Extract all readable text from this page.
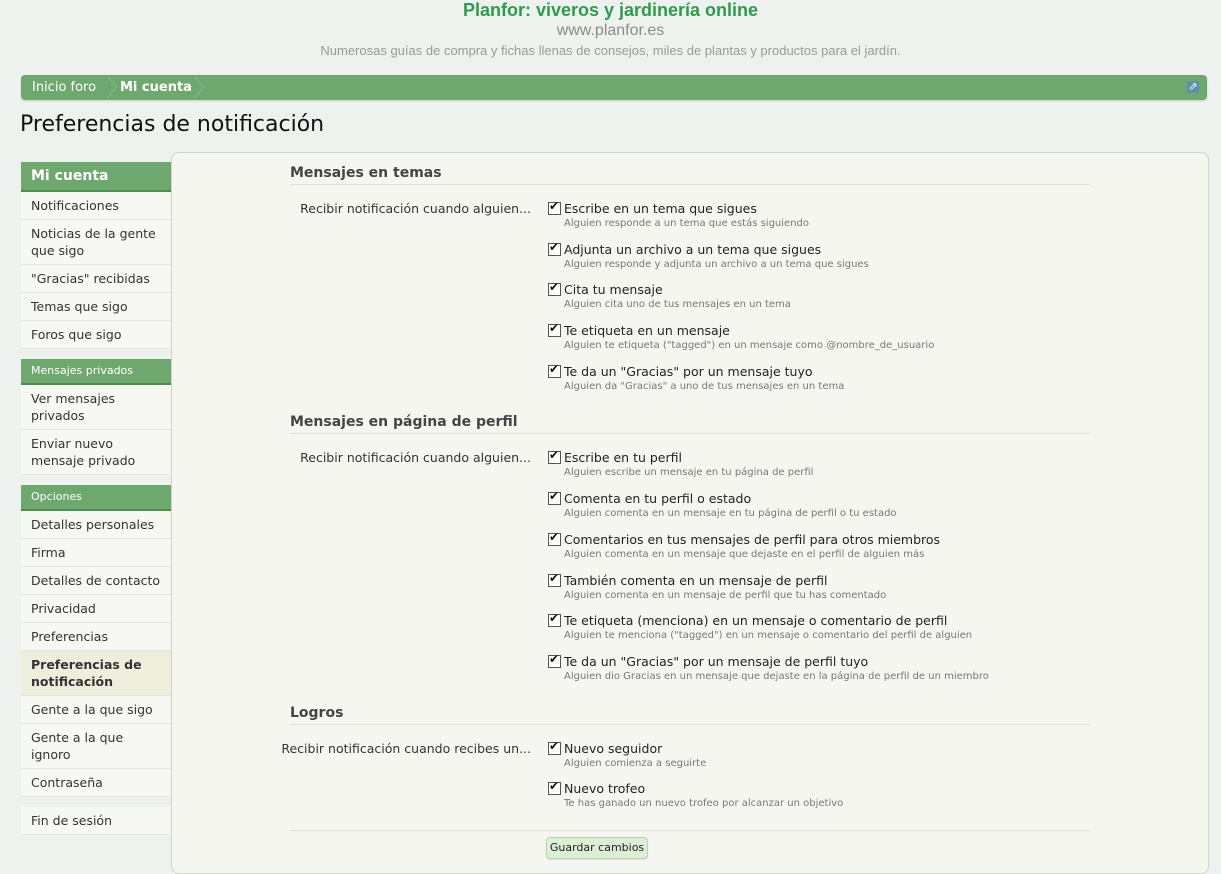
Planfor: viveros y jardinería online
www.planfor.es
Numerosas guías de compra y fichas llenas de consejos, miles de plantas y productos para el jardín.
Inicio foro Mi cuenta	⇗
Preferencias de notificación
Mi cuenta
Notificaciones
Noticias de la gente que sigo
"Gracias" recibidas
Temas que sigo
Foros que sigo
Mensajes privados
Ver mensajes privados
Enviar nuevo mensaje privado
Opciones
Detalles personales
Firma
Detalles de contacto
Privacidad
Preferencias
Preferencias de notificación
Gente a la que sigo
Gente a la que ignoro
Contraseña
Fin de sesión
Mensajes en temas
Recibir notificación cuando alguien... ✔	Escribe en un tema que sigues
Alguien responde a un tema que estás siguiendo
✔
Adjunta un archivo a un tema que sigues
Alguien responde y adjunta un archivo a un tema que sigues
✔
Cita tu mensaje
Alguien cita uno de tus mensajes en un tema
✔
Te etiqueta en un mensaje
Alguien te etiqueta ("tagged") en un mensaje como @nombre_de_usuario
✔
Te da un "Gracias" por un mensaje tuyo
Alguien da "Gracias" a uno de tus mensajes en un tema
Mensajes en página de perfil
Recibir notificación cuando alguien... ✔	Escribe en tu perfil
Alguien escribe un mensaje en tu página de perfil
✔
Comenta en tu perfil o estado
Alguien comenta en un mensaje en tu página de perfil o tu estado
✔
Comentarios en tus mensajes de perfil para otros miembros
Alguien comenta en un mensaje que dejaste en el perfil de alguien más
✔
También comenta en un mensaje de perfil
Alguien comenta en un mensaje de perfil que tu has comentado
✔
Te etiqueta (menciona) en un mensaje o comentario de perfil
Alguien te menciona ("tagged") en un mensaje o comentario del perfil de alguien
✔
Te da un "Gracias" por un mensaje de perfil tuyo
Alguien dio Gracias en un mensaje que dejaste en la página de perfil de un miembro
Logros
Recibir notificación cuando recibes un... ✔	Nuevo seguidor
Alguien comienza a seguirte
✔
Nuevo trofeo
Te has ganado un nuevo trofeo por alcanzar un objetivo
Guardar cambios
